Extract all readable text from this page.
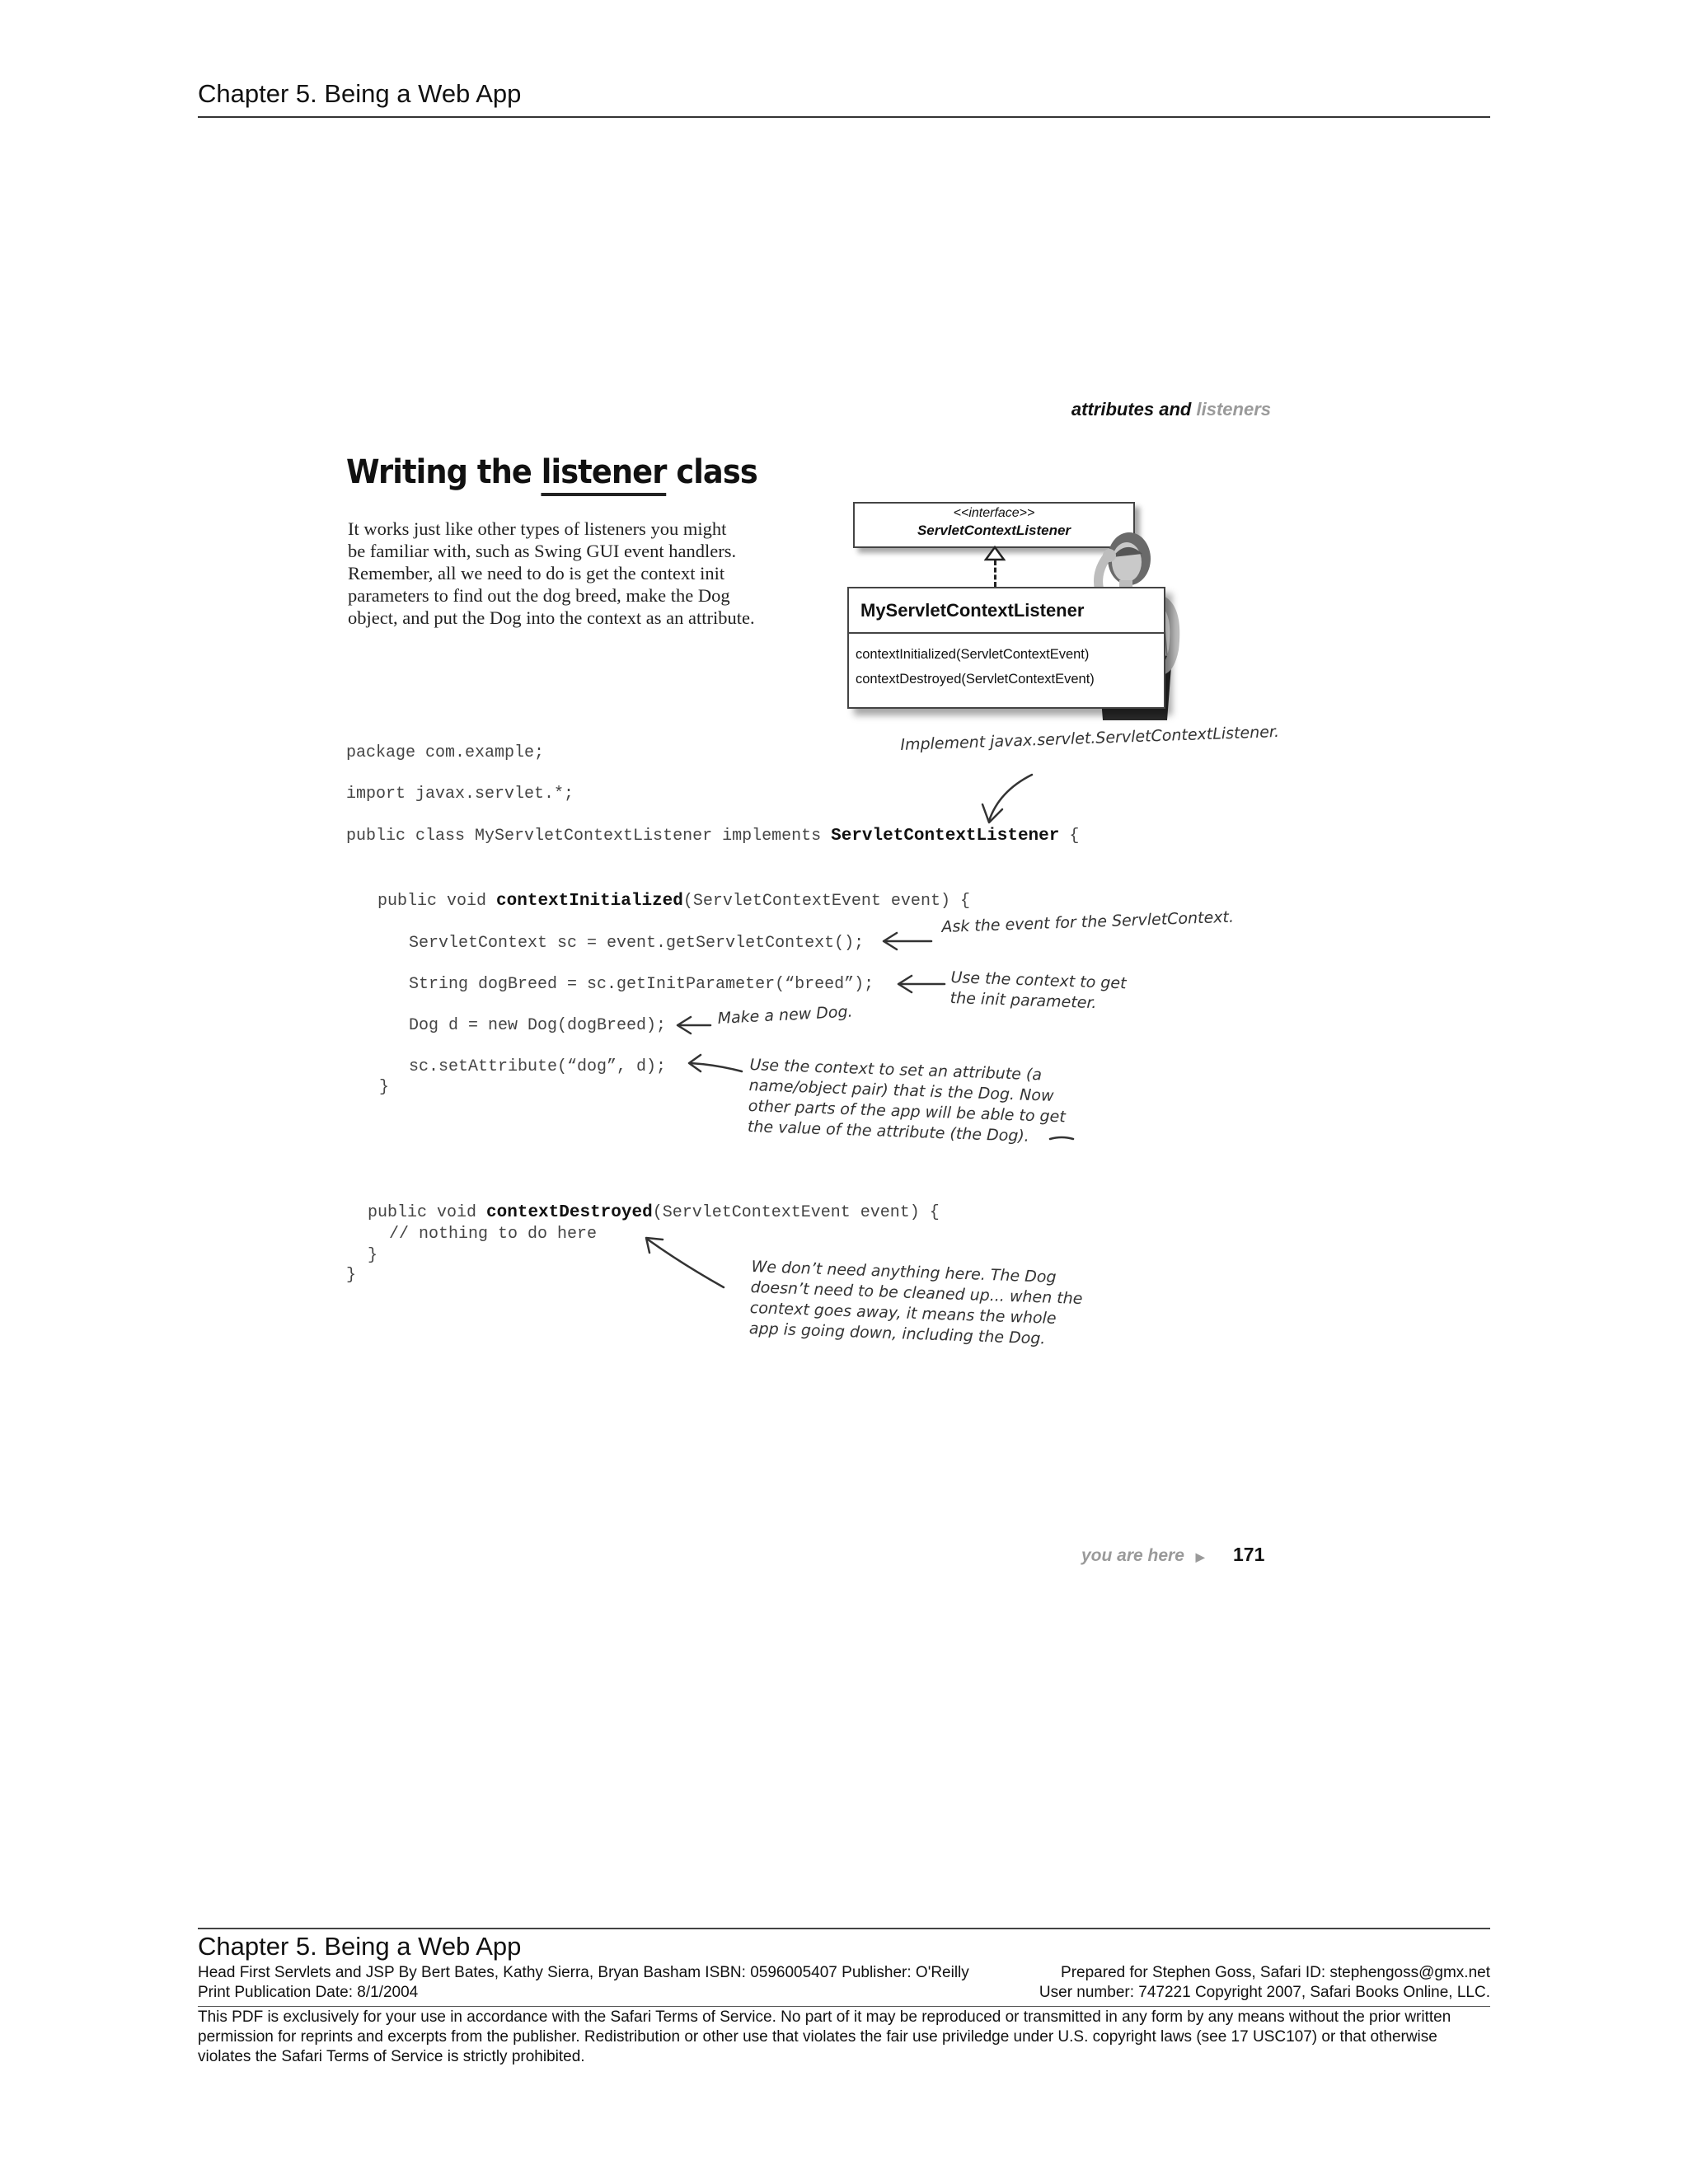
Chapter 5. Being a Web App
attributes and listeners
Writing the listener class
It works just like other types of listeners you might
be familiar with, such as Swing GUI event handlers.
Remember, all we need to do is get the context init
parameters to find out the dog breed, make the Dog
object, and put the Dog into the context as an attribute.
<<interface>>
ServletContextListener
MyServletContextListener
contextInitialized(ServletContextEvent)
contextDestroyed(ServletContextEvent)
package com.example;
import javax.servlet.*;
public class MyServletContextListener implements ServletContextListener {
public void contextInitialized(ServletContextEvent event) {
ServletContext sc = event.getServletContext();
String dogBreed = sc.getInitParameter(“breed”);
Dog d = new Dog(dogBreed);
sc.setAttribute(“dog”, d);
}
public void contextDestroyed(ServletContextEvent event) {
// nothing to do here
}
}
Implement javax.servlet.ServletContextListener.
Ask the event for the ServletContext.
Use the context to get
the init parameter.
Make a new Dog.
Use the context to set an attribute (a
name/object pair) that is the Dog. Now
other parts of the app will be able to get
the value of the attribute (the Dog).
We don’t need anything here. The Dog
doesn’t need to be cleaned up... when the
context goes away, it means the whole
app is going down, including the Dog.
you are here ▶ 171
Chapter 5. Being a Web App
Head First Servlets and JSP By Bert Bates, Kathy Sierra, Bryan Basham ISBN: 0596005407 Publisher: O'Reilly	Prepared for Stephen Goss, Safari ID: stephengoss@gmx.net
Print Publication Date: 8/1/2004	User number: 747221 Copyright 2007, Safari Books Online, LLC.
This PDF is exclusively for your use in accordance with the Safari Terms of Service. No part of it may be reproduced or transmitted in any form by any means without the prior written permission for reprints and excerpts from the publisher. Redistribution or other use that violates the fair use priviledge under U.S. copyright laws (see 17 USC107) or that otherwise violates the Safari Terms of Service is strictly prohibited.
